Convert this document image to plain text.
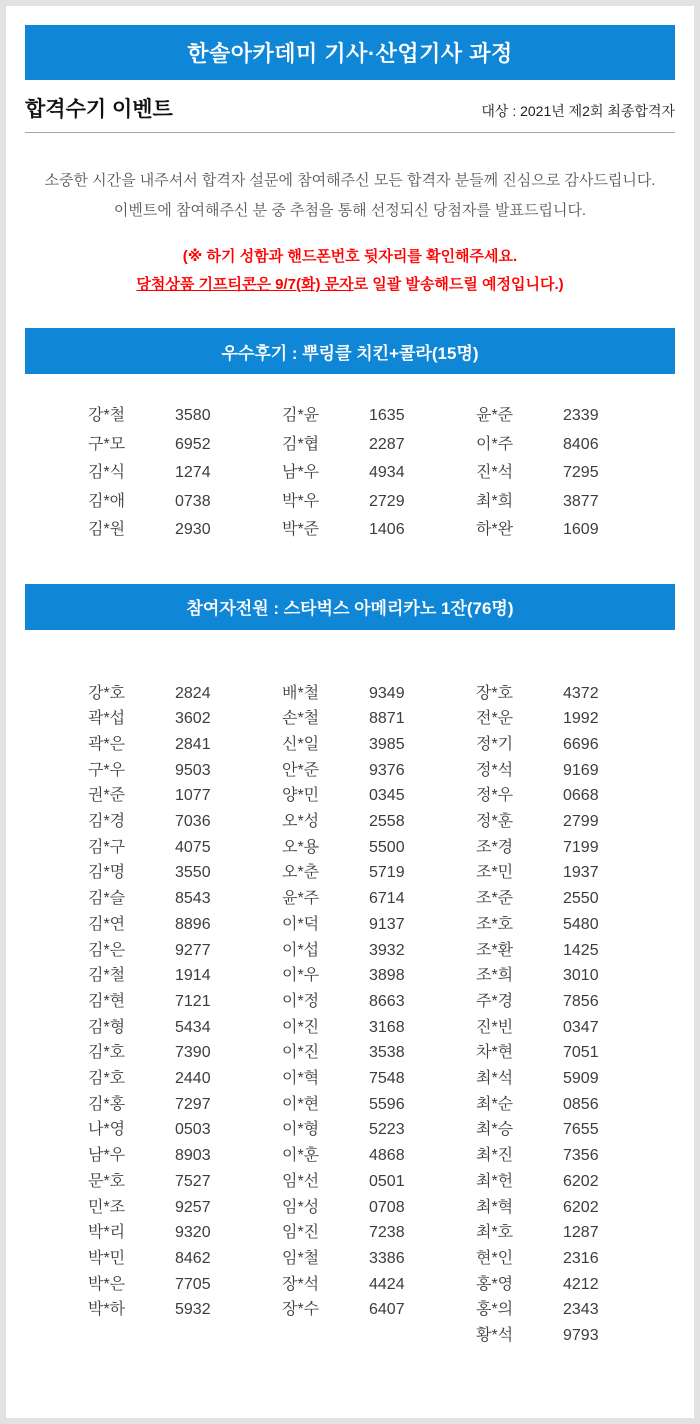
한솔아카데미 기사·산업기사 과정
합격수기 이벤트	대상 : 2021년 제2회 최종합격자
소중한 시간을 내주셔서 합격자 설문에 참여해주신 모든 합격자 분들께 진심으로 감사드립니다.
이벤트에 참여해주신 분 중 추첨을 통해 선정되신 당첨자를 발표드립니다.
(※ 하기 성함과 핸드폰번호 뒷자리를 확인해주세요.
당첨상품 기프티콘은 9/7(화) 문자로 일괄 발송해드릴 예정입니다.)
우수후기 : 뿌링클 치킨+콜라(15명)
강*철	3580
구*모	6952
김*식	1274
김*애	0738
김*원	2930
김*윤	1635
김*협	2287
남*우	4934
박*우	2729
박*준	1406
윤*준	2339
이*주	8406
진*석	7295
최*희	3877
하*완	1609
참여자전원 : 스타벅스 아메리카노 1잔(76명)
강*호	2824
곽*섭	3602
곽*은	2841
구*우	9503
권*준	1077
김*경	7036
김*구	4075
김*명	3550
김*슬	8543
김*연	8896
김*은	9277
김*철	1914
김*현	7121
김*형	5434
김*호	7390
김*호	2440
김*홍	7297
나*영	0503
남*우	8903
문*호	7527
민*조	9257
박*리	9320
박*민	8462
박*은	7705
박*하	5932
배*철	9349
손*철	8871
신*일	3985
안*준	9376
양*민	0345
오*성	2558
오*용	5500
오*춘	5719
윤*주	6714
이*덕	9137
이*섭	3932
이*우	3898
이*정	8663
이*진	3168
이*진	3538
이*혁	7548
이*현	5596
이*형	5223
이*훈	4868
임*선	0501
임*성	0708
임*진	7238
임*철	3386
장*석	4424
장*수	6407
장*호	4372
전*운	1992
정*기	6696
정*석	9169
정*우	0668
정*훈	2799
조*경	7199
조*민	1937
조*준	2550
조*호	5480
조*환	1425
조*희	3010
주*경	7856
진*빈	0347
차*현	7051
최*석	5909
최*순	0856
최*승	7655
최*진	7356
최*헌	6202
최*혁	6202
최*호	1287
현*인	2316
홍*영	4212
홍*의	2343
황*석	9793
